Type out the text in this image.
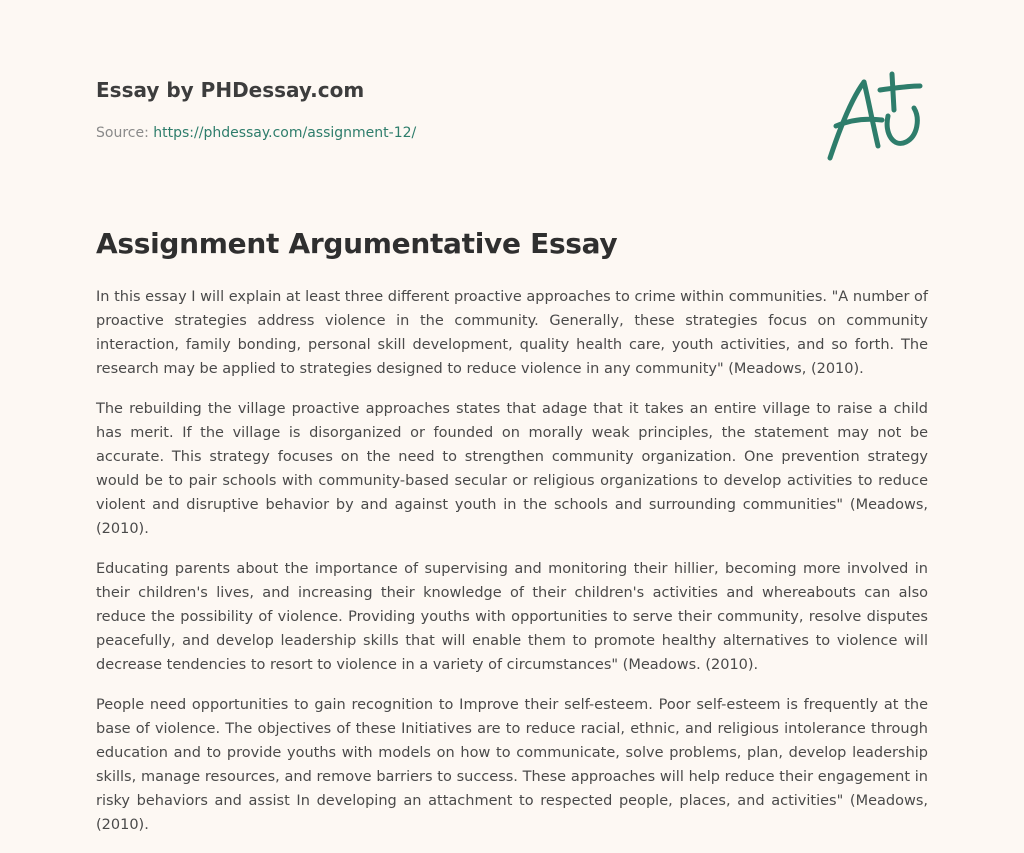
Essay by PHDessay.com
Source: https://phdessay.com/assignment-12/
Assignment Argumentative Essay

In this essay I will explain at least three different proactive approaches to crime within communities. "A number of proactive strategies address violence in the community. Generally, these strategies focus on community interaction, family bonding, personal skill development, quality health care, youth activities, and so forth. The research may be applied to strategies designed to reduce violence in any community" (Meadows, (2010).

The rebuilding the village proactive approaches states that adage that it takes an entire village to raise a child has merit. If the village is disorganized or founded on morally weak principles, the statement may not be accurate. This strategy focuses on the need to strengthen community organization. One prevention strategy would be to pair schools with community-based secular or religious organizations to develop activities to reduce violent and disruptive behavior by and against youth in the schools and surrounding communities" (Meadows, (2010).

Educating parents about the importance of supervising and monitoring their hillier, becoming more involved in their children's lives, and increasing their knowledge of their children's activities and whereabouts can also reduce the possibility of violence. Providing youths with opportunities to serve their community, resolve disputes peacefully, and develop leadership skills that will enable them to promote healthy alternatives to violence will decrease tendencies to resort to violence in a variety of circumstances" (Meadows. (2010).

People need opportunities to gain recognition to Improve their self-esteem. Poor self-esteem is frequently at the base of violence. The objectives of these Initiatives are to reduce racial, ethnic, and religious intolerance through education and to provide youths with models on how to communicate, solve problems, plan, develop leadership skills, manage resources, and remove barriers to success. These approaches will help reduce their engagement in risky behaviors and assist In developing an attachment to respected people, places, and activities" (Meadows, (2010).
